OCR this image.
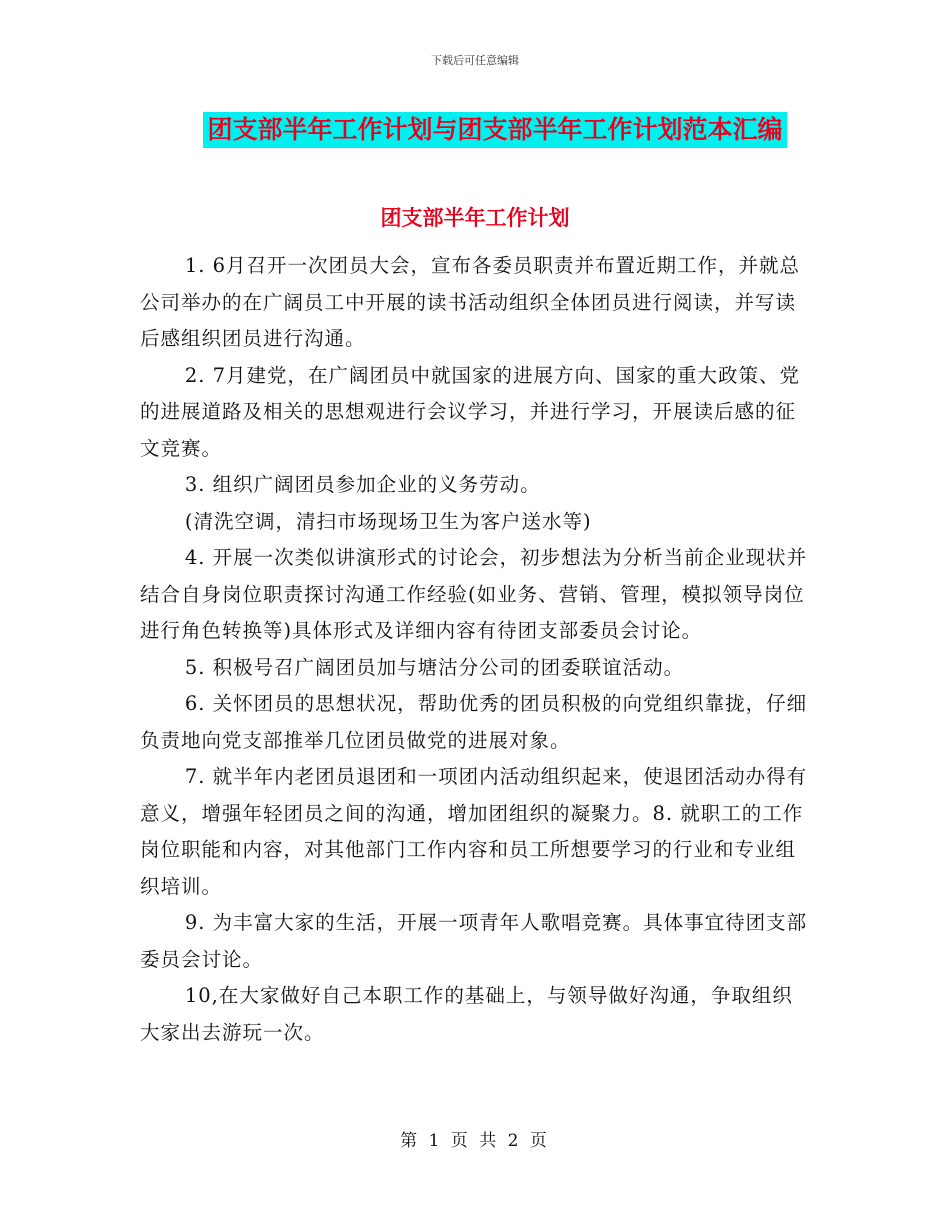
下载后可任意编辑
团支部半年工作计划与团支部半年工作计划范本汇编
团支部半年工作计划

1. 6月召开一次团员大会，宣布各委员职责并布置近期工作，并就总公司举办的在广阔员工中开展的读书活动组织全体团员进行阅读，并写读后感组织团员进行沟通。

2. 7月建党，在广阔团员中就国家的进展方向、国家的重大政策、党的进展道路及相关的思想观进行会议学习，并进行学习，开展读后感的征文竞赛。

3. 组织广阔团员参加企业的义务劳动。

(清洗空调，清扫市场现场卫生为客户送水等)

4. 开展一次类似讲演形式的讨论会，初步想法为分析当前企业现状并结合自身岗位职责探讨沟通工作经验(如业务、营销、管理，模拟领导岗位进行角色转换等)具体形式及详细内容有待团支部委员会讨论。

5. 积极号召广阔团员加与塘沽分公司的团委联谊活动。

6. 关怀团员的思想状况，帮助优秀的团员积极的向党组织靠拢，仔细负责地向党支部推举几位团员做党的进展对象。

7. 就半年内老团员退团和一项团内活动组织起来，使退团活动办得有意义，增强年轻团员之间的沟通，增加团组织的凝聚力。8. 就职工的工作岗位职能和内容，对其他部门工作内容和员工所想要学习的行业和专业组织培训。

9. 为丰富大家的生活，开展一项青年人歌唱竞赛。具体事宜待团支部委员会讨论。

10,在大家做好自己本职工作的基础上，与领导做好沟通，争取组织大家出去游玩一次。

第 1 页 共 2 页
